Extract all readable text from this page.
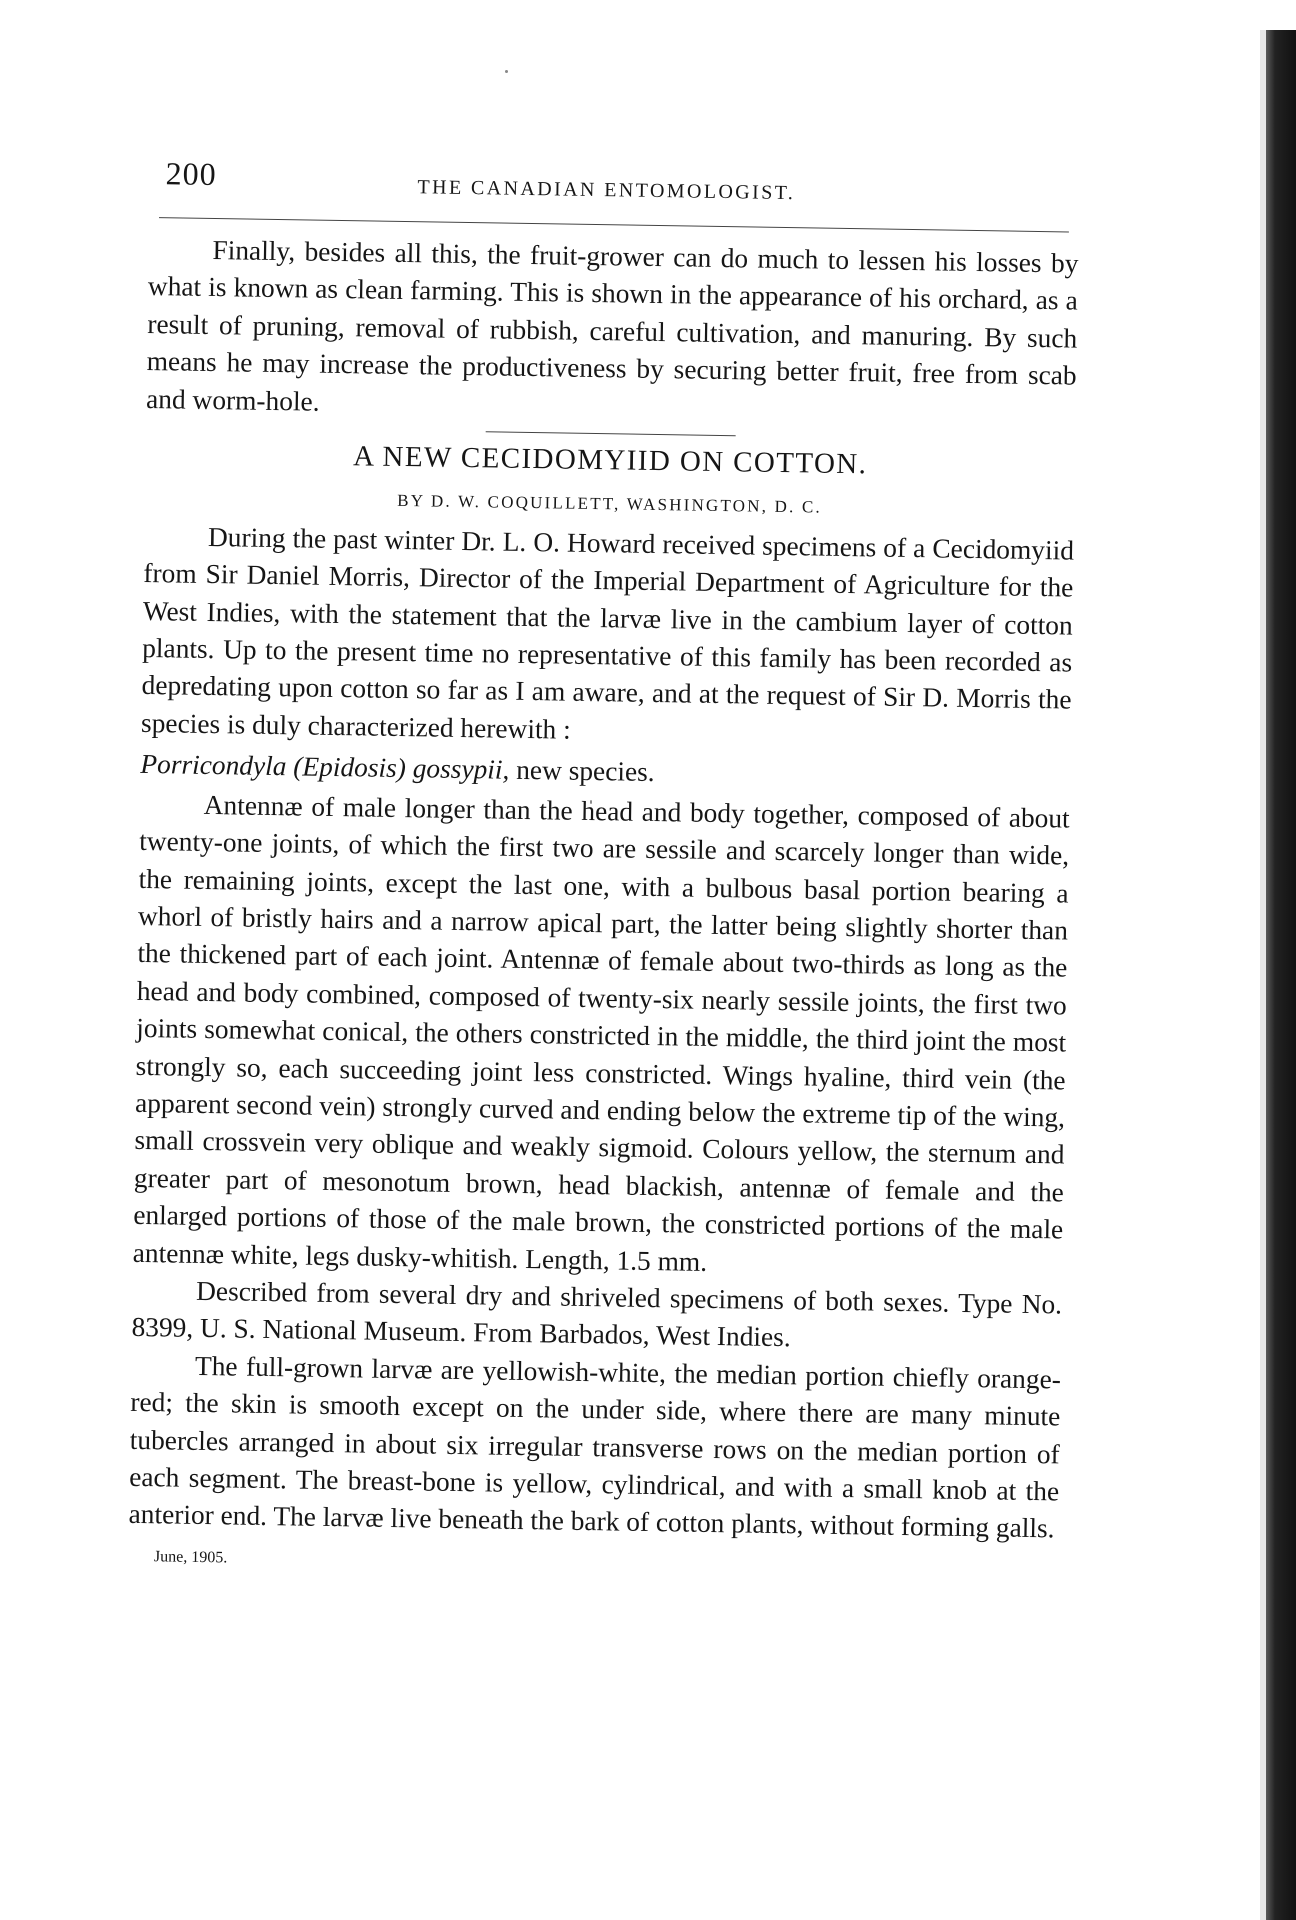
200	THE CANADIAN ENTOMOLOGIST.

Finally, besides all this, the fruit-grower can do much to lessen his losses by what is known as clean farming. This is shown in the appearance of his orchard, as a result of pruning, removal of rubbish, careful cultivation, and manuring. By such means he may increase the productiveness by securing better fruit, free from scab and worm-hole.

A NEW CECIDOMYIID ON COTTON.
BY D. W. COQUILLETT, WASHINGTON, D. C.

During the past winter Dr. L. O. Howard received specimens of a Cecidomyiid from Sir Daniel Morris, Director of the Imperial Department of Agriculture for the West Indies, with the statement that the larvæ live in the cambium layer of cotton plants. Up to the present time no representative of this family has been recorded as depredating upon cotton so far as I am aware, and at the request of Sir D. Morris the species is duly characterized herewith :

Porricondyla (Epidosis) gossypii, new species.

Antennæ of male longer than the head and body together, composed of about twenty-one joints, of which the first two are sessile and scarcely longer than wide, the remaining joints, except the last one, with a bulbous basal portion bearing a whorl of bristly hairs and a narrow apical part, the latter being slightly shorter than the thickened part of each joint. Antennæ of female about two-thirds as long as the head and body combined, composed of twenty-six nearly sessile joints, the first two joints somewhat conical, the others constricted in the middle, the third joint the most strongly so, each succeeding joint less constricted. Wings hyaline, third vein (the apparent second vein) strongly curved and ending below the extreme tip of the wing, small crossvein very oblique and weakly sigmoid. Colours yellow, the sternum and greater part of mesonotum brown, head blackish, antennæ of female and the enlarged portions of those of the male brown, the constricted portions of the male antennæ white, legs dusky-whitish. Length, 1.5 mm.

Described from several dry and shriveled specimens of both sexes. Type No. 8399, U. S. National Museum. From Barbados, West Indies.

The full-grown larvæ are yellowish-white, the median portion chiefly orange-red; the skin is smooth except on the under side, where there are many minute tubercles arranged in about six irregular transverse rows on the median portion of each segment. The breast-bone is yellow, cylindrical, and with a small knob at the anterior end. The larvæ live beneath the bark of cotton plants, without forming galls.

June, 1905.
